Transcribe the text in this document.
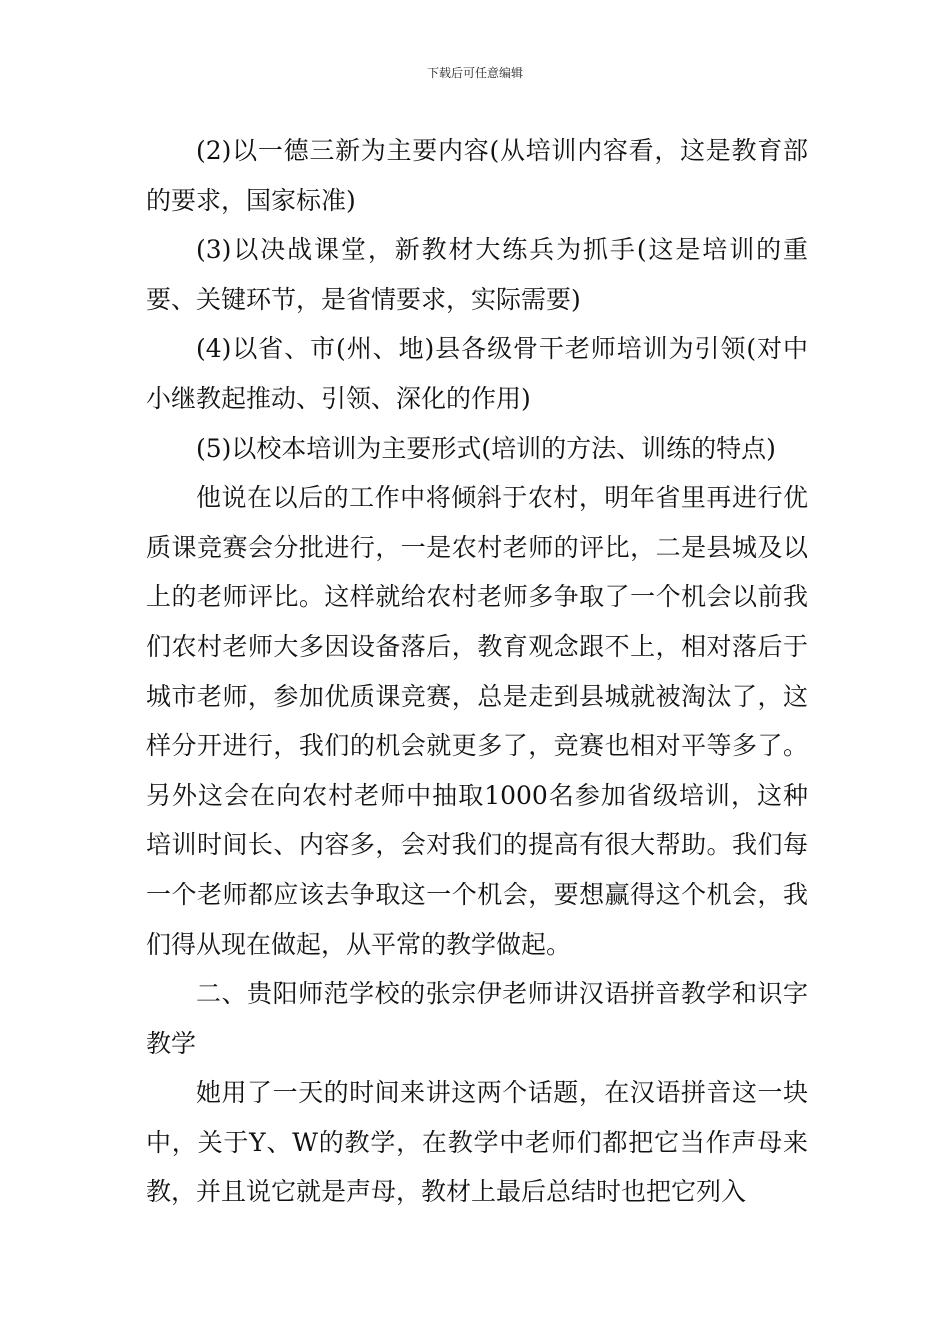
下载后可任意编辑

(2)以一德三新为主要内容(从培训内容看，这是教育部的要求，国家标准)

(3)以决战课堂，新教材大练兵为抓手(这是培训的重要、关键环节，是省情要求，实际需要)

(4)以省、市(州、地)县各级骨干老师培训为引领(对中小继教起推动、引领、深化的作用)

(5)以校本培训为主要形式(培训的方法、训练的特点)

他说在以后的工作中将倾斜于农村，明年省里再进行优质课竞赛会分批进行，一是农村老师的评比，二是县城及以上的老师评比。这样就给农村老师多争取了一个机会以前我们农村老师大多因设备落后，教育观念跟不上，相对落后于城市老师，参加优质课竞赛，总是走到县城就被淘汰了，这样分开进行，我们的机会就更多了，竞赛也相对平等多了。另外这会在向农村老师中抽取1000名参加省级培训，这种培训时间长、内容多，会对我们的提高有很大帮助。我们每一个老师都应该去争取这一个机会，要想赢得这个机会，我们得从现在做起，从平常的教学做起。

二、贵阳师范学校的张宗伊老师讲汉语拼音教学和识字教学

她用了一天的时间来讲这两个话题，在汉语拼音这一块中，关于Y、W的教学，在教学中老师们都把它当作声母来教，并且说它就是声母，教材上最后总结时也把它列入
